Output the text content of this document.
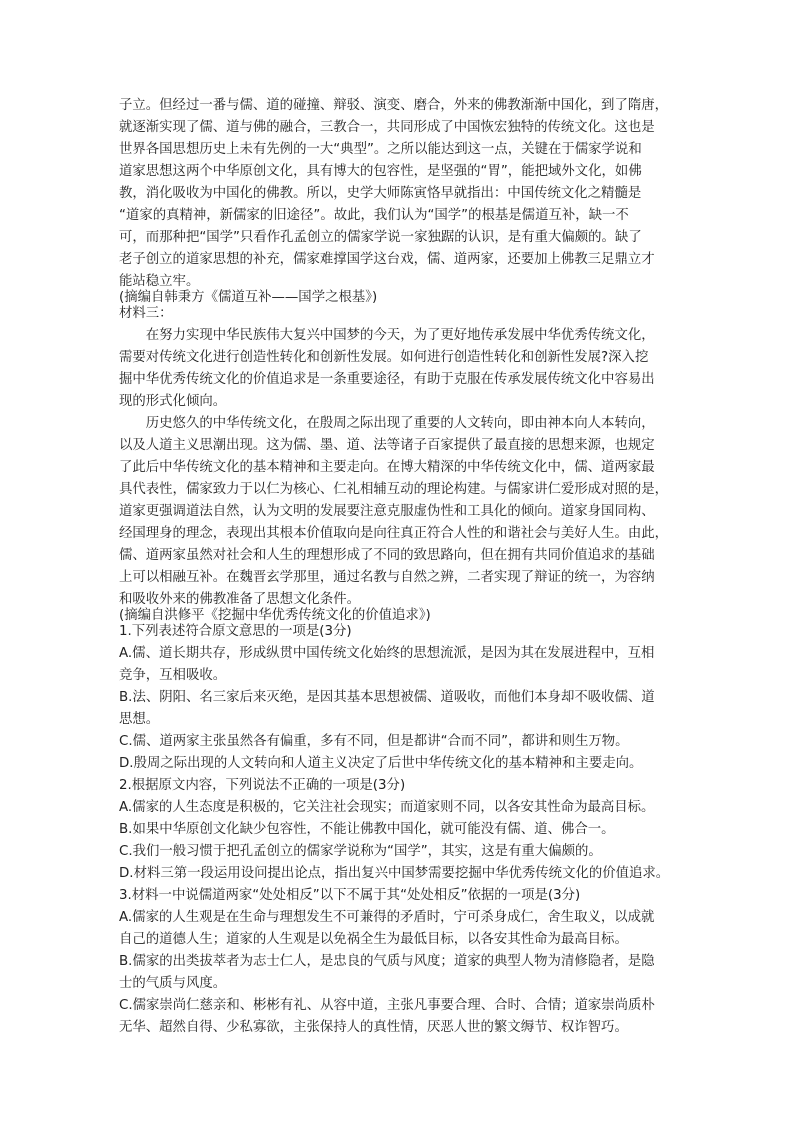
子立。但经过一番与儒、道的碰撞、辩驳、演变、磨合，外来的佛教渐渐中国化，到了隋唐，
就逐渐实现了儒、道与佛的融合，三教合一，共同形成了中国恢宏独特的传统文化。这也是
世界各国思想历史上未有先例的一大“典型”。之所以能达到这一点，关键在于儒家学说和
道家思想这两个中华原创文化，具有博大的包容性，是坚强的“胃”，能把域外文化，如佛
教，消化吸收为中国化的佛教。所以，史学大师陈寅恪早就指出：中国传统文化之精髓是
“道家的真精神，新儒家的旧途径”。故此，我们认为“国学”的根基是儒道互补，缺一不
可，而那种把“国学”只看作孔孟创立的儒家学说一家独踞的认识，是有重大偏颇的。缺了
老子创立的道家思想的补充，儒家难撑国学这台戏，儒、道两家，还要加上佛教三足鼎立才
能站稳立牢。
(摘编自韩秉方《儒道互补——国学之根基》)
材料三：
　　在努力实现中华民族伟大复兴中国梦的今天，为了更好地传承发展中华优秀传统文化，
需要对传统文化进行创造性转化和创新性发展。如何进行创造性转化和创新性发展?深入挖
掘中华优秀传统文化的价值追求是一条重要途径，有助于克服在传承发展传统文化中容易出
现的形式化倾向。
　　历史悠久的中华传统文化，在殷周之际出现了重要的人文转向，即由神本向人本转向，
以及人道主义思潮出现。这为儒、墨、道、法等诸子百家提供了最直接的思想来源，也规定
了此后中华传统文化的基本精神和主要走向。在博大精深的中华传统文化中，儒、道两家最
具代表性，儒家致力于以仁为核心、仁礼相辅互动的理论构建。与儒家讲仁爱形成对照的是，
道家更强调道法自然，认为文明的发展要注意克服虚伪性和工具化的倾向。道家身国同构、
经国理身的理念，表现出其根本价值取向是向往真正符合人性的和谐社会与美好人生。由此，
儒、道两家虽然对社会和人生的理想形成了不同的致思路向，但在拥有共同价值追求的基础
上可以相融互补。在魏晋玄学那里，通过名教与自然之辨，二者实现了辩证的统一，为容纳
和吸收外来的佛教准备了思想文化条件。
(摘编自洪修平《挖掘中华优秀传统文化的价值追求》)
1.下列表述符合原文意思的一项是(3分)
A.儒、道长期共存，形成纵贯中国传统文化始终的思想流派，是因为其在发展进程中，互相
竞争，互相吸收。
B.法、阴阳、名三家后来灭绝，是因其基本思想被儒、道吸收，而他们本身却不吸收儒、道
思想。
C.儒、道两家主张虽然各有偏重，多有不同，但是都讲“合而不同”，都讲和则生万物。
D.殷周之际出现的人文转向和人道主义决定了后世中华传统文化的基本精神和主要走向。
2.根据原文内容，下列说法不正确的一项是(3分)
A.儒家的人生态度是积极的，它关注社会现实；而道家则不同，以各安其性命为最高目标。
B.如果中华原创文化缺少包容性，不能让佛教中国化，就可能没有儒、道、佛合一。
C.我们一般习惯于把孔孟创立的儒家学说称为“国学”，其实，这是有重大偏颇的。
D.材料三第一段运用设问提出论点，指出复兴中国梦需要挖掘中华优秀传统文化的价值追求。
3.材料一中说儒道两家“处处相反”以下不属于其“处处相反”依据的一项是(3分)
A.儒家的人生观是在生命与理想发生不可兼得的矛盾时，宁可杀身成仁，舍生取义，以成就
自己的道德人生；道家的人生观是以免祸全生为最低目标，以各安其性命为最高目标。
B.儒家的出类拔萃者为志士仁人，是忠良的气质与风度；道家的典型人物为清修隐者，是隐
士的气质与风度。
C.儒家崇尚仁慈亲和、彬彬有礼、从容中道，主张凡事要合理、合时、合情；道家崇尚质朴
无华、超然自得、少私寡欲，主张保持人的真性情，厌恶人世的繁文缛节、权诈智巧。
